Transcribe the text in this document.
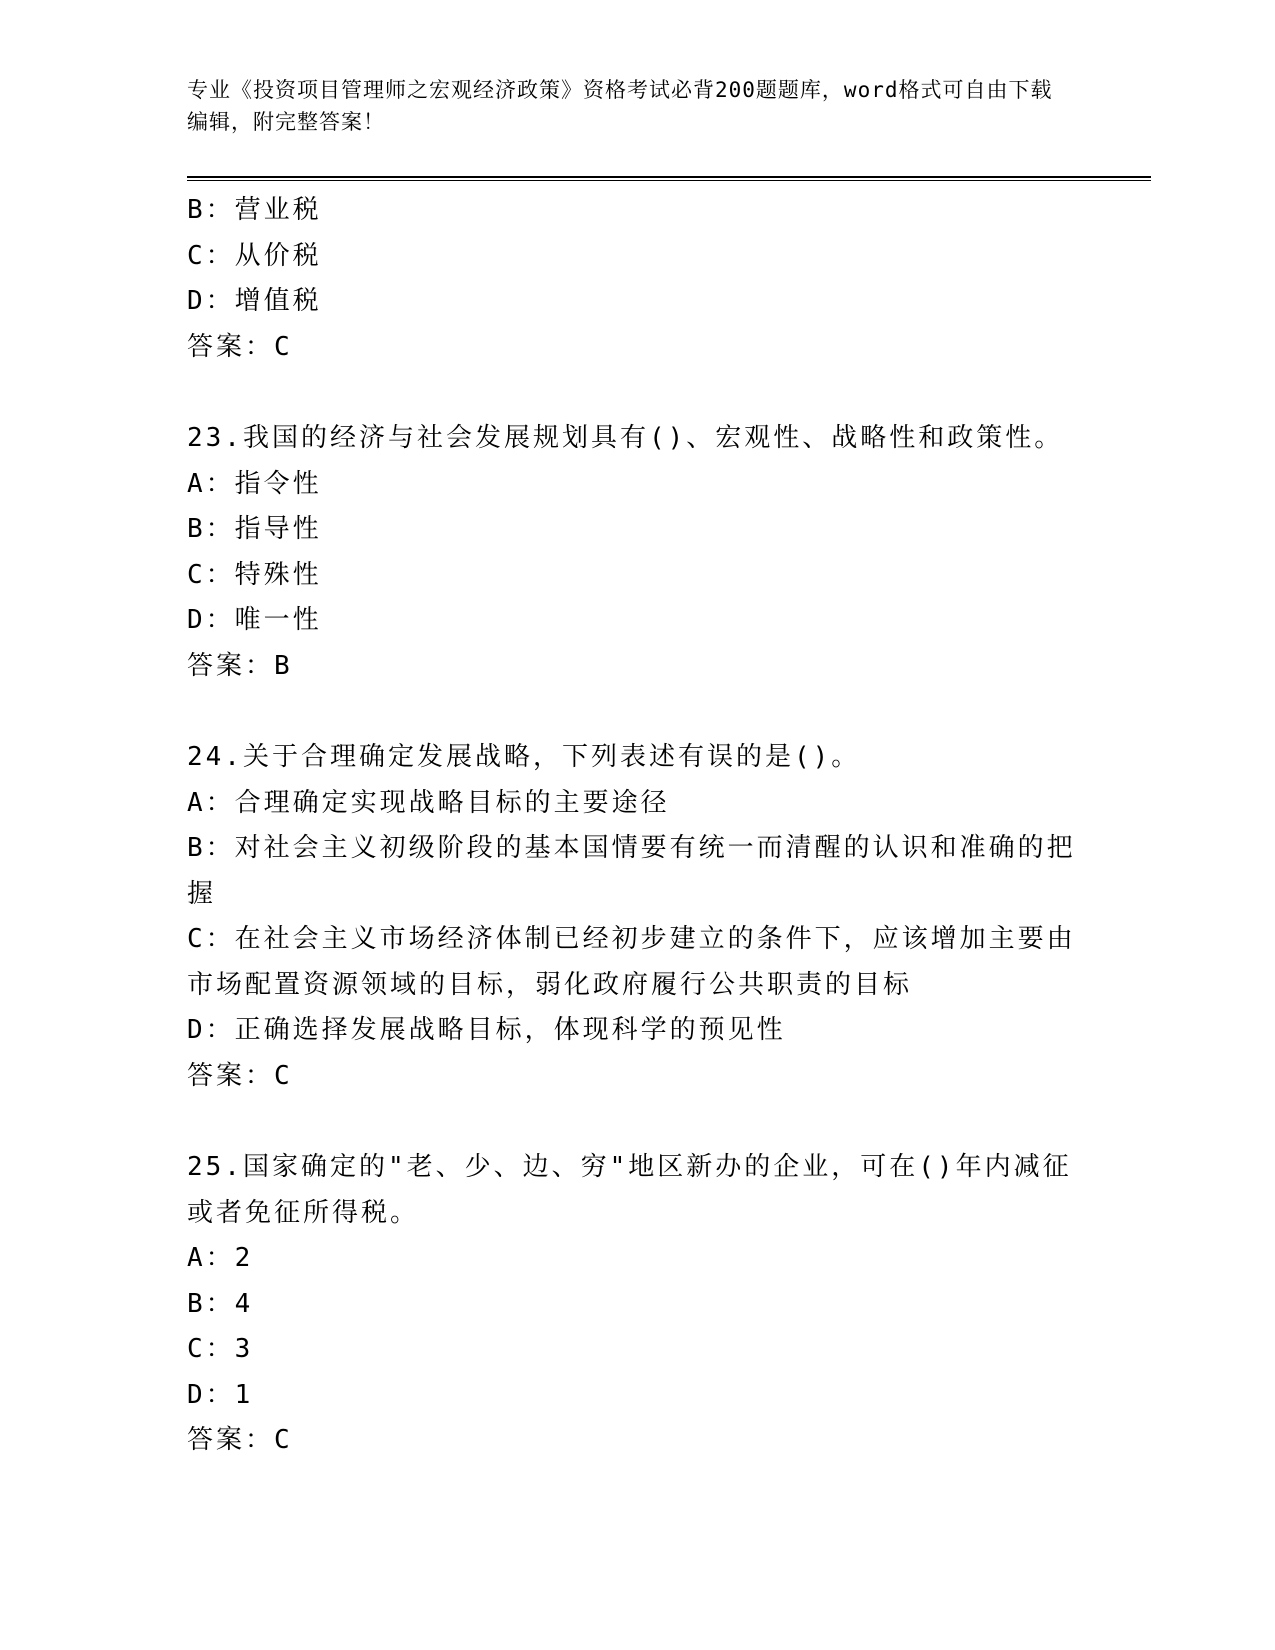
专业《投资项目管理师之宏观经济政策》资格考试必背200题题库，word格式可自由下载编辑，附完整答案！
B：营业税
C：从价税
D：增值税
答案：C
23.我国的经济与社会发展规划具有()、宏观性、战略性和政策性。
A：指令性
B：指导性
C：特殊性
D：唯一性
答案：B
24.关于合理确定发展战略，下列表述有误的是()。
A：合理确定实现战略目标的主要途径
B：对社会主义初级阶段的基本国情要有统一而清醒的认识和准确的把握
C：在社会主义市场经济体制已经初步建立的条件下，应该增加主要由市场配置资源领域的目标，弱化政府履行公共职责的目标
D：正确选择发展战略目标，体现科学的预见性
答案：C
25.国家确定的"老、少、边、穷"地区新办的企业，可在()年内减征或者免征所得税。
A：2
B：4
C：3
D：1
答案：C
